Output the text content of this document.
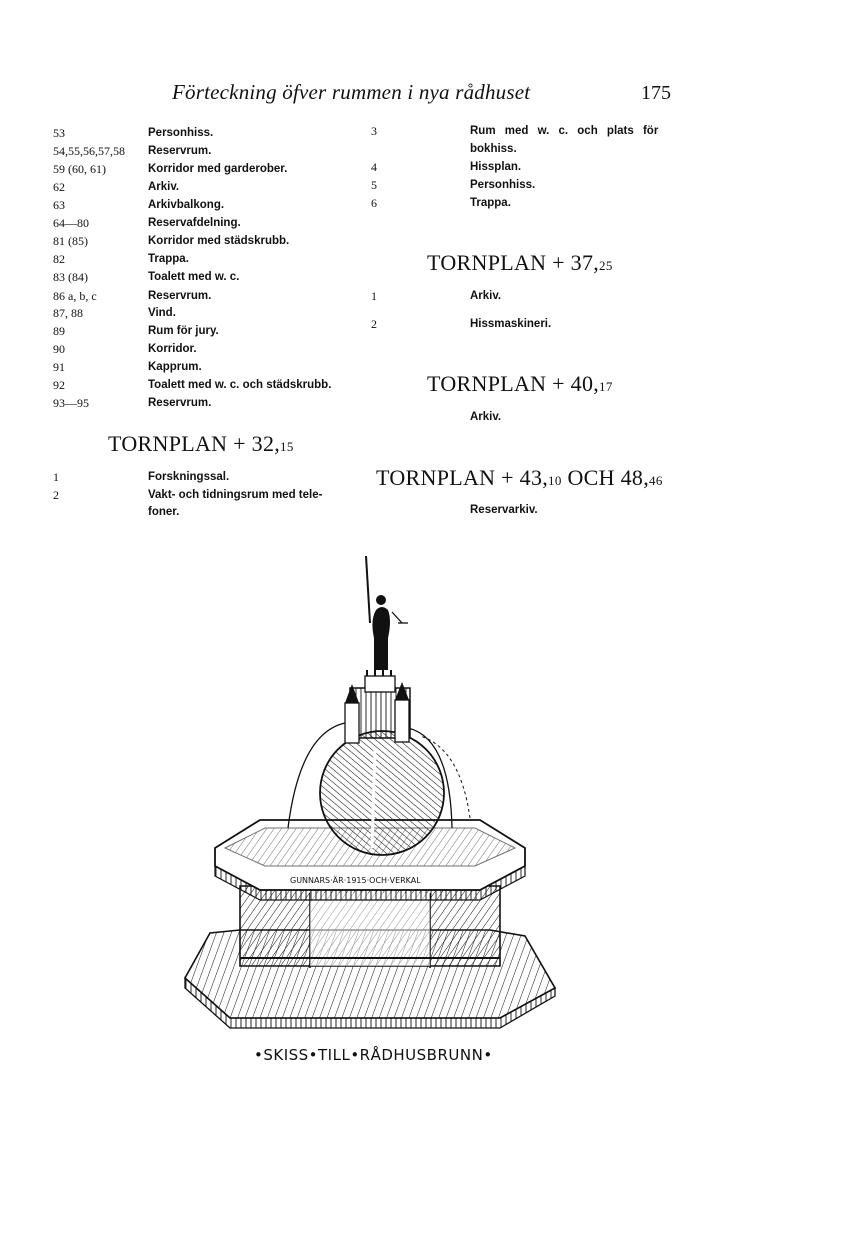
Förteckning öfver rummen i nya rådhuset	175
53	Personhiss.
54,55,56,57,58 Reservrum.
59 (60, 61)	Korridor med garderober.
62	Arkiv.
63	Arkivbalkong.
64—80	Reservafdelning.
81 (85)	Korridor med städskrubb.
82	Trappa.
83 (84)	Toalett med w. c.
86 a, b, c	Reservrum.
87, 88	Vind.
89	Rum för jury.
90	Korridor.
91	Kapprum.
92	Toalett med w. c. och städskrubb.
93—95	Reservrum.
TORNPLAN + 32,15
1	Forskningssal.
2	Vakt- och tidningsrum med tele-
foner.
3	Rum med w. c. och plats för
bokhiss.
4	Hissplan.
5	Personhiss.
6	Trappa.
TORNPLAN + 37,25
1	Arkiv.
2	Hissmaskineri.
TORNPLAN + 40,17
Arkiv.
TORNPLAN + 43,10 OCH 48,46
Reservarkiv.
GUNNARS·ÄR·1915·OCH·VERKAL
•SKISS•TILL•RÅDHUSBRUNN•
